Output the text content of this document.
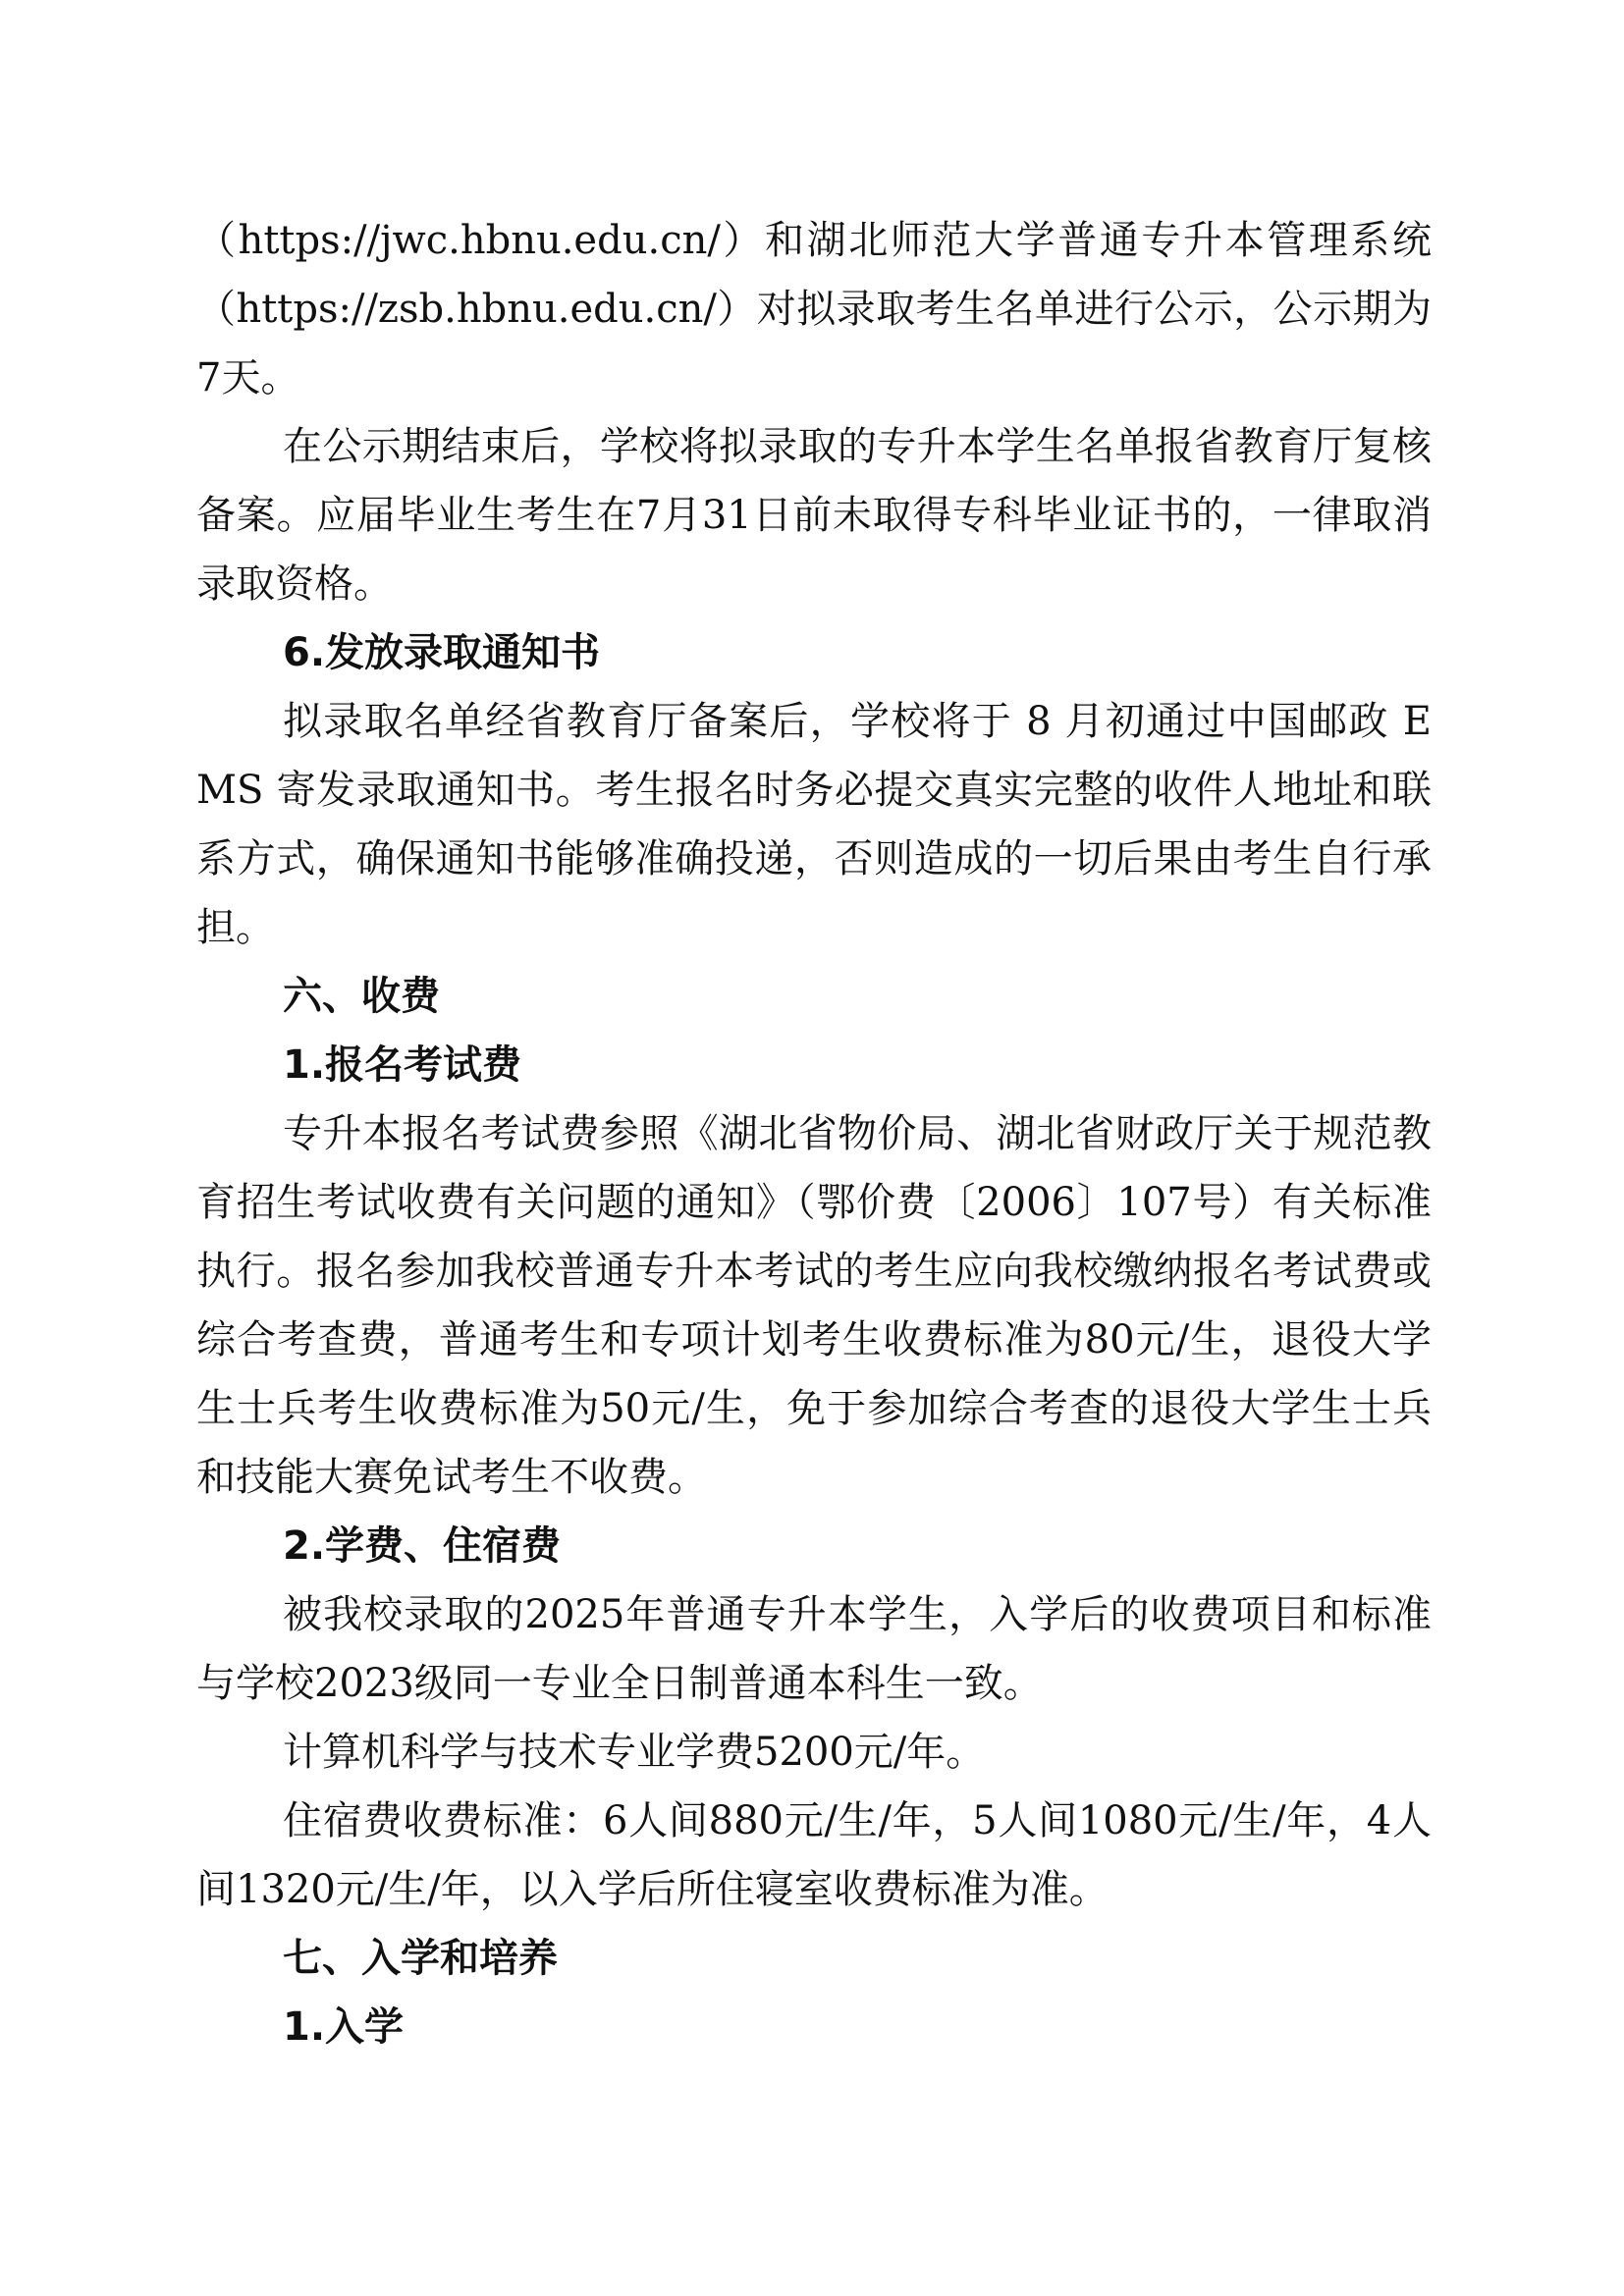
（https://jwc.hbnu.edu.cn/）和湖北师范大学普通专升本管理系统（https://zsb.hbnu.edu.cn/）对拟录取考生名单进行公示，公示期为7天。

在公示期结束后，学校将拟录取的专升本学生名单报省教育厅复核备案。应届毕业生考生在7月31日前未取得专科毕业证书的，一律取消录取资格。

6.发放录取通知书

拟录取名单经省教育厅备案后，学校将于 8 月初通过中国邮政 EMS 寄发录取通知书。考生报名时务必提交真实完整的收件人地址和联系方式，确保通知书能够准确投递，否则造成的一切后果由考生自行承担。

六、收费
1.报名考试费

专升本报名考试费参照《湖北省物价局、湖北省财政厅关于规范教育招生考试收费有关问题的通知》（鄂价费〔2006〕107号）有关标准执行。报名参加我校普通专升本考试的考生应向我校缴纳报名考试费或综合考查费，普通考生和专项计划考生收费标准为80元/生，退役大学生士兵考生收费标准为50元/生，免于参加综合考查的退役大学生士兵和技能大赛免试考生不收费。

2.学费、住宿费

被我校录取的2025年普通专升本学生，入学后的收费项目和标准与学校2023级同一专业全日制普通本科生一致。

计算机科学与技术专业学费5200元/年。

住宿费收费标准：6人间880元/生/年，5人间1080元/生/年，4人间1320元/生/年，以入学后所住寝室收费标准为准。

七、入学和培养
1.入学
